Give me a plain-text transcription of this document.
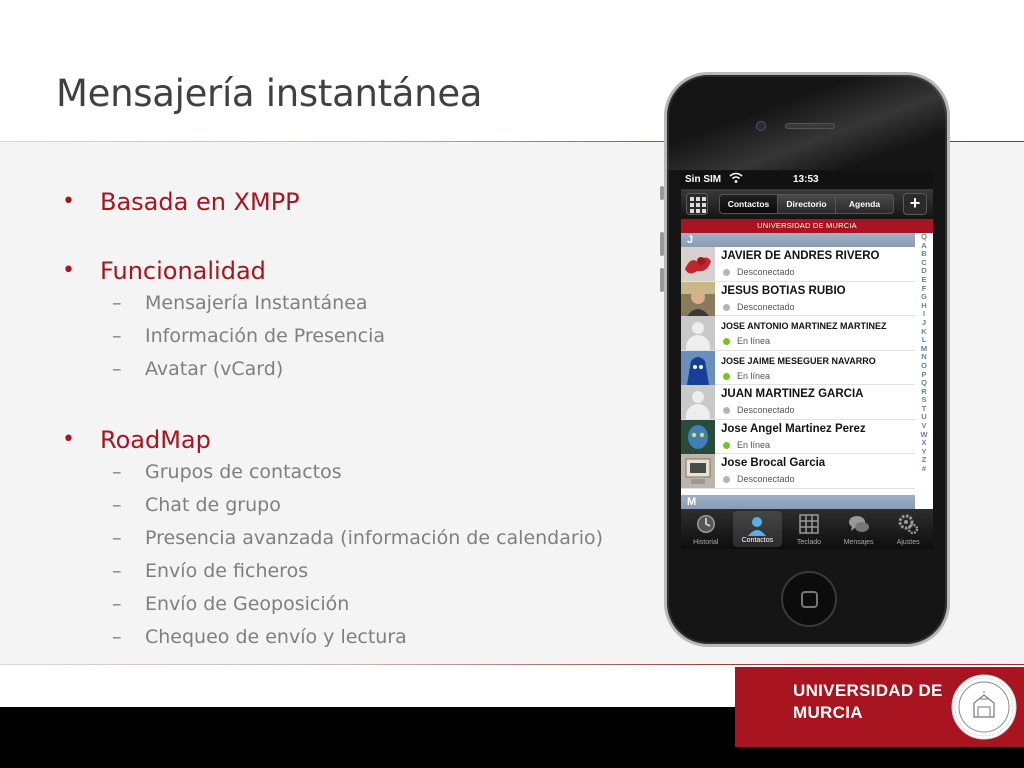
Mensajería instantánea
UNIVERSIDAD DE
MURCIA
• Basada en XMPP
• Funcionalidad
– Mensajería Instantánea
– Información de Presencia
– Avatar (vCard)
• RoadMap
– Grupos de contactos
– Chat de grupo
– Presencia avanzada (información de calendario)
– Envío de ficheros
– Envío de Geoposición
– Chequeo de envío y lectura
Sin SIM	13:53
Contactos	Directorio	Agenda	+
UNIVERSIDAD DE MURCIA
J
JAVIER DE ANDRES RIVERO
Desconectado
JESUS BOTIAS RUBIO
Desconectado
JOSE ANTONIO MARTINEZ MARTINEZ
En línea
JOSE JAIME MESEGUER NAVARRO
En línea
JUAN MARTINEZ GARCIA
Desconectado
Jose Angel Martinez Perez
En línea
Jose Brocal Garcia
Desconectado
M
Q
A
B
C
D
E
F
G
H
I
J
K
L
M
N
O
P
Q
R
S
T
U
V
W
X
Y
Z
#
Historial	Contactos	Teclado	Mensajes	Ajustes
